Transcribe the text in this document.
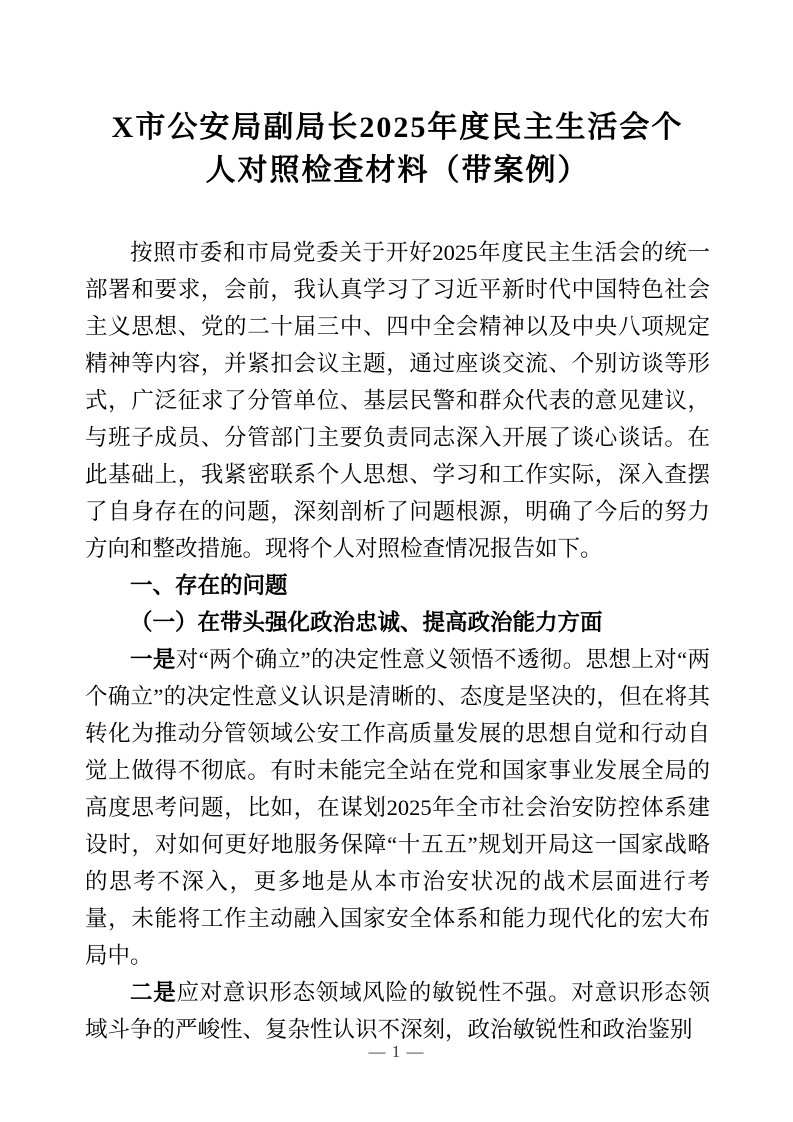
X市公安局副局长2025年度民主生活会个人对照检查材料（带案例）

按照市委和市局党委关于开好2025年度民主生活会的统一部署和要求，会前，我认真学习了习近平新时代中国特色社会主义思想、党的二十届三中、四中全会精神以及中央八项规定精神等内容，并紧扣会议主题，通过座谈交流、个别访谈等形式，广泛征求了分管单位、基层民警和群众代表的意见建议，与班子成员、分管部门主要负责同志深入开展了谈心谈话。在此基础上，我紧密联系个人思想、学习和工作实际，深入查摆了自身存在的问题，深刻剖析了问题根源，明确了今后的努力方向和整改措施。现将个人对照检查情况报告如下。

一、存在的问题
（一）在带头强化政治忠诚、提高政治能力方面

一是对“两个确立”的决定性意义领悟不透彻。思想上对“两个确立”的决定性意义认识是清晰的、态度是坚决的，但在将其转化为推动分管领域公安工作高质量发展的思想自觉和行动自觉上做得不彻底。有时未能完全站在党和国家事业发展全局的高度思考问题，比如，在谋划2025年全市社会治安防控体系建设时，对如何更好地服务保障“十五五”规划开局这一国家战略的思考不深入，更多地是从本市治安状况的战术层面进行考量，未能将工作主动融入国家安全体系和能力现代化的宏大布局中。

二是应对意识形态领域风险的敏锐性不强。对意识形态领域斗争的严峻性、复杂性认识不深刻，政治敏锐性和政治鉴别

— 1 —
